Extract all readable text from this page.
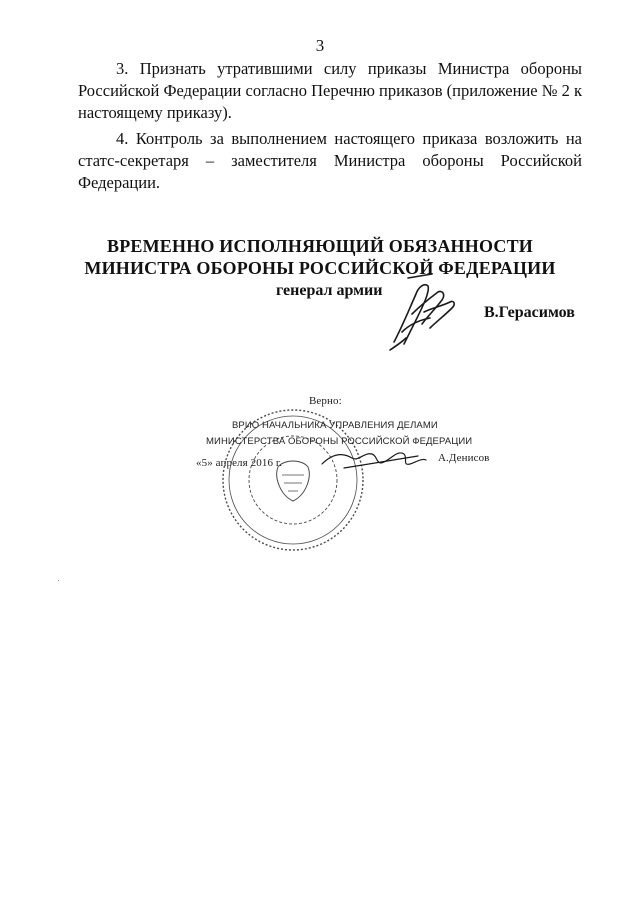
3

3. Признать утратившими силу приказы Министра обороны Российской Федерации согласно Перечню приказов (приложение № 2 к настоящему приказу).

4. Контроль за выполнением настоящего приказа возложить на статс-секретаря – заместителя Министра обороны Российской Федерации.

ВРЕМЕННО ИСПОЛНЯЮЩИЙ ОБЯЗАННОСТИ
МИНИСТРА ОБОРОНЫ РОССИЙСКОЙ ФЕДЕРАЦИИ
генерал армии
В.Герасимов
Верно:
ВРИО НАЧАЛЬНИКА УПРАВЛЕНИЯ ДЕЛАМИ
МИНИСТЕРСТВА ОБОРОНЫ РОССИЙСКОЙ ФЕДЕРАЦИИ
«5» апреля 2016 г.	А.Денисов
